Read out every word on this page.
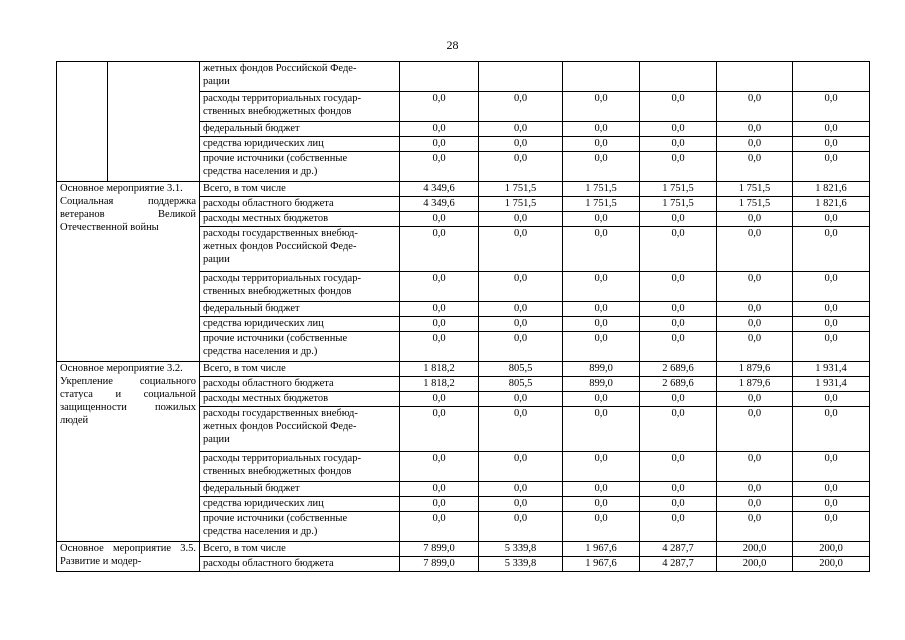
28
		жетных фондов Российской Феде-
рации						
		расходы территориальных государ-
ственных внебюджетных фондов	0,0	0,0	0,0	0,0	0,0	0,0
		федеральный бюджет	0,0	0,0	0,0	0,0	0,0	0,0
		средства юридических лиц	0,0	0,0	0,0	0,0	0,0	0,0
		прочие источники (собственные
средства населения и др.)	0,0	0,0	0,0	0,0	0,0	0,0
Основное мероприятие 3.1.
Социальная поддержка ветеранов Великой Отечественной войны		Всего, в том числе	4 349,6	1 751,5	1 751,5	1 751,5	1 751,5	1 821,6
		расходы областного бюджета	4 349,6	1 751,5	1 751,5	1 751,5	1 751,5	1 821,6
		расходы местных бюджетов	0,0	0,0	0,0	0,0	0,0	0,0
		расходы государственных внебюд-
жетных фондов Российской Феде-
рации	0,0	0,0	0,0	0,0	0,0	0,0
		расходы территориальных государ-
ственных внебюджетных фондов	0,0	0,0	0,0	0,0	0,0	0,0
		федеральный бюджет	0,0	0,0	0,0	0,0	0,0	0,0
		средства юридических лиц	0,0	0,0	0,0	0,0	0,0	0,0
		прочие источники (собственные
средства населения и др.)	0,0	0,0	0,0	0,0	0,0	0,0
Основное мероприятие 3.2.
Укрепление социального статуса и социальной защищенности пожилых людей		Всего, в том числе	1 818,2	805,5	899,0	2 689,6	1 879,6	1 931,4
		расходы областного бюджета	1 818,2	805,5	899,0	2 689,6	1 879,6	1 931,4
		расходы местных бюджетов	0,0	0,0	0,0	0,0	0,0	0,0
		расходы государственных внебюд-
жетных фондов Российской Феде-
рации	0,0	0,0	0,0	0,0	0,0	0,0
		расходы территориальных государ-
ственных внебюджетных фондов	0,0	0,0	0,0	0,0	0,0	0,0
		федеральный бюджет	0,0	0,0	0,0	0,0	0,0	0,0
		средства юридических лиц	0,0	0,0	0,0	0,0	0,0	0,0
		прочие источники (собственные
средства населения и др.)	0,0	0,0	0,0	0,0	0,0	0,0
Основное мероприятие 3.5. Развитие и модер-		Всего, в том числе	7 899,0	5 339,8	1 967,6	4 287,7	200,0	200,0
		расходы областного бюджета	7 899,0	5 339,8	1 967,6	4 287,7	200,0	200,0
